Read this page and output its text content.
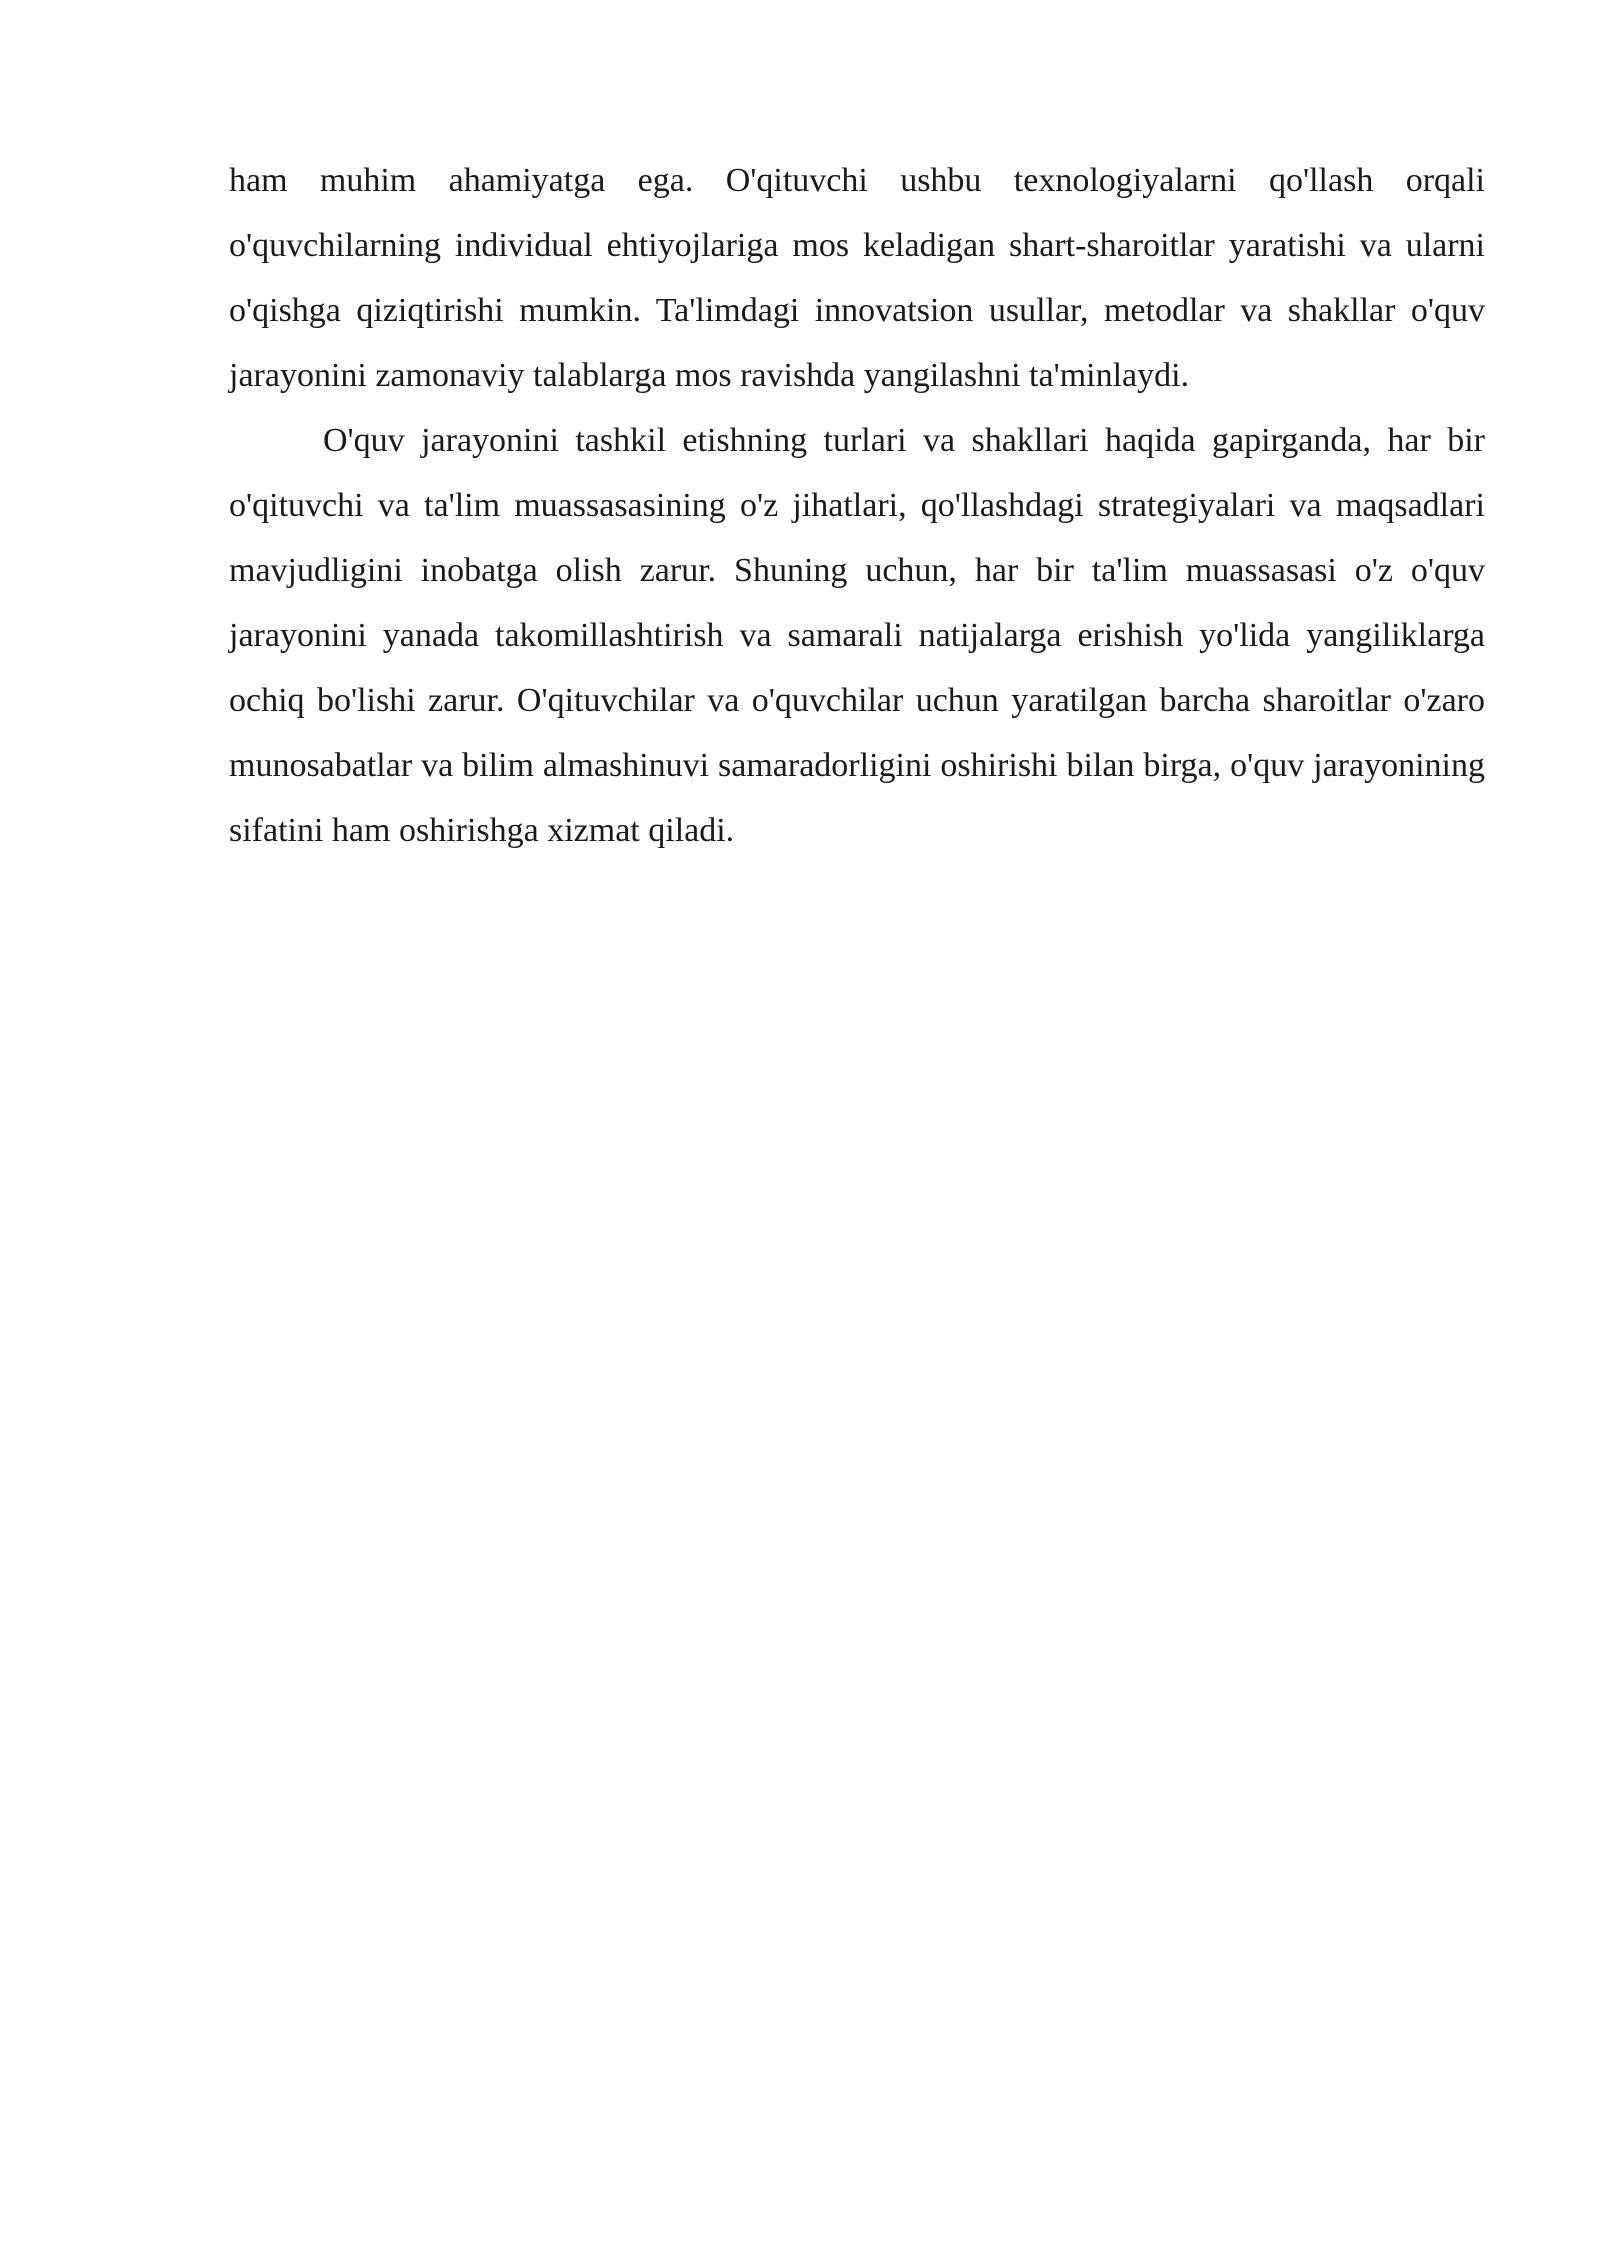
ham muhim ahamiyatga ega. O'qituvchi ushbu texnologiyalarni qo'llash orqali o'quvchilarning individual ehtiyojlariga mos keladigan shart-sharoitlar yaratishi va ularni o'qishga qiziqtirishi mumkin. Ta'limdagi innovatsion usullar, metodlar va shakllar o'quv jarayonini zamonaviy talablarga mos ravishda yangilashni ta'minlaydi.

O'quv jarayonini tashkil etishning turlari va shakllari haqida gapirganda, har bir o'qituvchi va ta'lim muassasasining o'z jihatlari, qo'llashdagi strategiyalari va maqsadlari mavjudligini inobatga olish zarur. Shuning uchun, har bir ta'lim muassasasi o'z o'quv jarayonini yanada takomillashtirish va samarali natijalarga erishish yo'lida yangiliklarga ochiq bo'lishi zarur. O'qituvchilar va o'quvchilar uchun yaratilgan barcha sharoitlar o'zaro munosabatlar va bilim almashinuvi samaradorligini oshirishi bilan birga, o'quv jarayonining sifatini ham oshirishga xizmat qiladi.
